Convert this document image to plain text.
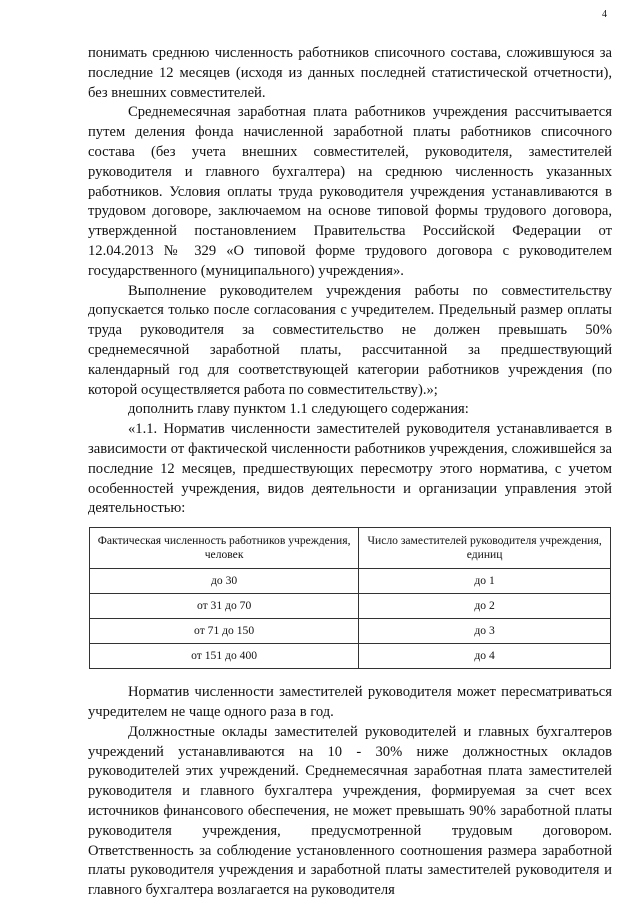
4

понимать среднюю численность работников списочного состава, сложившуюся за последние 12 месяцев (исходя из данных последней статистической отчетности), без внешних совместителей.

Среднемесячная заработная плата работников учреждения рассчитывается путем деления фонда начисленной заработной платы работников списочного состава (без учета внешних совместителей, руководителя, заместителей руководителя и главного бухгалтера) на среднюю численность указанных работников. Условия оплаты труда руководителя учреждения устанавливаются в трудовом договоре, заключаемом на основе типовой формы трудового договора, утвержденной постановлением Правительства Российской Федерации от 12.04.2013 № 329 «О типовой форме трудового договора с руководителем государственного (муниципального) учреждения».

Выполнение руководителем учреждения работы по совместительству допускается только после согласования с учредителем. Предельный размер оплаты труда руководителя за совместительство не должен превышать 50% среднемесячной заработной платы, рассчитанной за предшествующий календарный год для соответствующей категории работников учреждения (по которой осуществляется работа по совместительству).»;

дополнить главу пунктом 1.1 следующего содержания:

«1.1. Норматив численности заместителей руководителя устанавливается в зависимости от фактической численности работников учреждения, сложившейся за последние 12 месяцев, предшествующих пересмотру этого норматива, с учетом особенностей учреждения, видов деятельности и организации управления этой деятельностью:

Фактическая численность работников учреждения, человек	Число заместителей руководителя учреждения, единиц
до 30	до 1
от 31 до 70	до 2
от 71 до 150	до 3
от 151 до 400	до 4

Норматив численности заместителей руководителя может пересматриваться учредителем не чаще одного раза в год.

Должностные оклады заместителей руководителей и главных бухгалтеров учреждений устанавливаются на 10 - 30% ниже должностных окладов руководителей этих учреждений. Среднемесячная заработная плата заместителей руководителя и главного бухгалтера учреждения, формируемая за счет всех источников финансового обеспечения, не может превышать 90% заработной платы руководителя учреждения, предусмотренной трудовым договором. Ответственность за соблюдение установленного соотношения размера заработной платы руководителя учреждения и заработной платы заместителей руководителя и главного бухгалтера возлагается на руководителя
